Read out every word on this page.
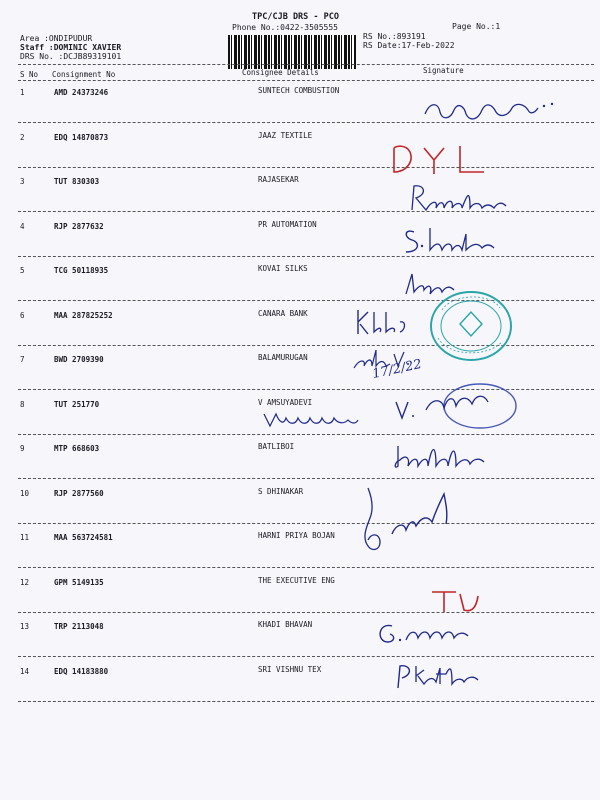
TPC/CJB DRS - PCO
Phone No.:0422-3505555	Page No.:1
Area :ONDIPUDUR
Staff :DOMINIC XAVIER
DRS No. :DCJB89319101
RS No.:893191
RS Date:17-Feb-2022
S No Consignment No	Consignee Details	Signature
1	AMD 24373246	SUNTECH COMBUSTION
2	EDQ 14870873	JAAZ TEXTILE
3	TUT 830303	RAJASEKAR
4	RJP 2877632	PR AUTOMATION
5	TCG 50118935	KOVAI SILKS
6	MAA 287825252	CANARA BANK
7	BWD 2709390	BALAMURUGAN
8	TUT 251770	V AMSUYADEVI
9	MTP 668603	BATLIBOI
10	RJP 2877560	S DHINAKAR
11	MAA 563724581	HARNI PRIYA BOJAN
12	GPM 5149135	THE EXECUTIVE ENG
13	TRP 2113048	KHADI BHAVAN
14	EDQ 14183880	SRI VISHNU TEX
17/2/22
